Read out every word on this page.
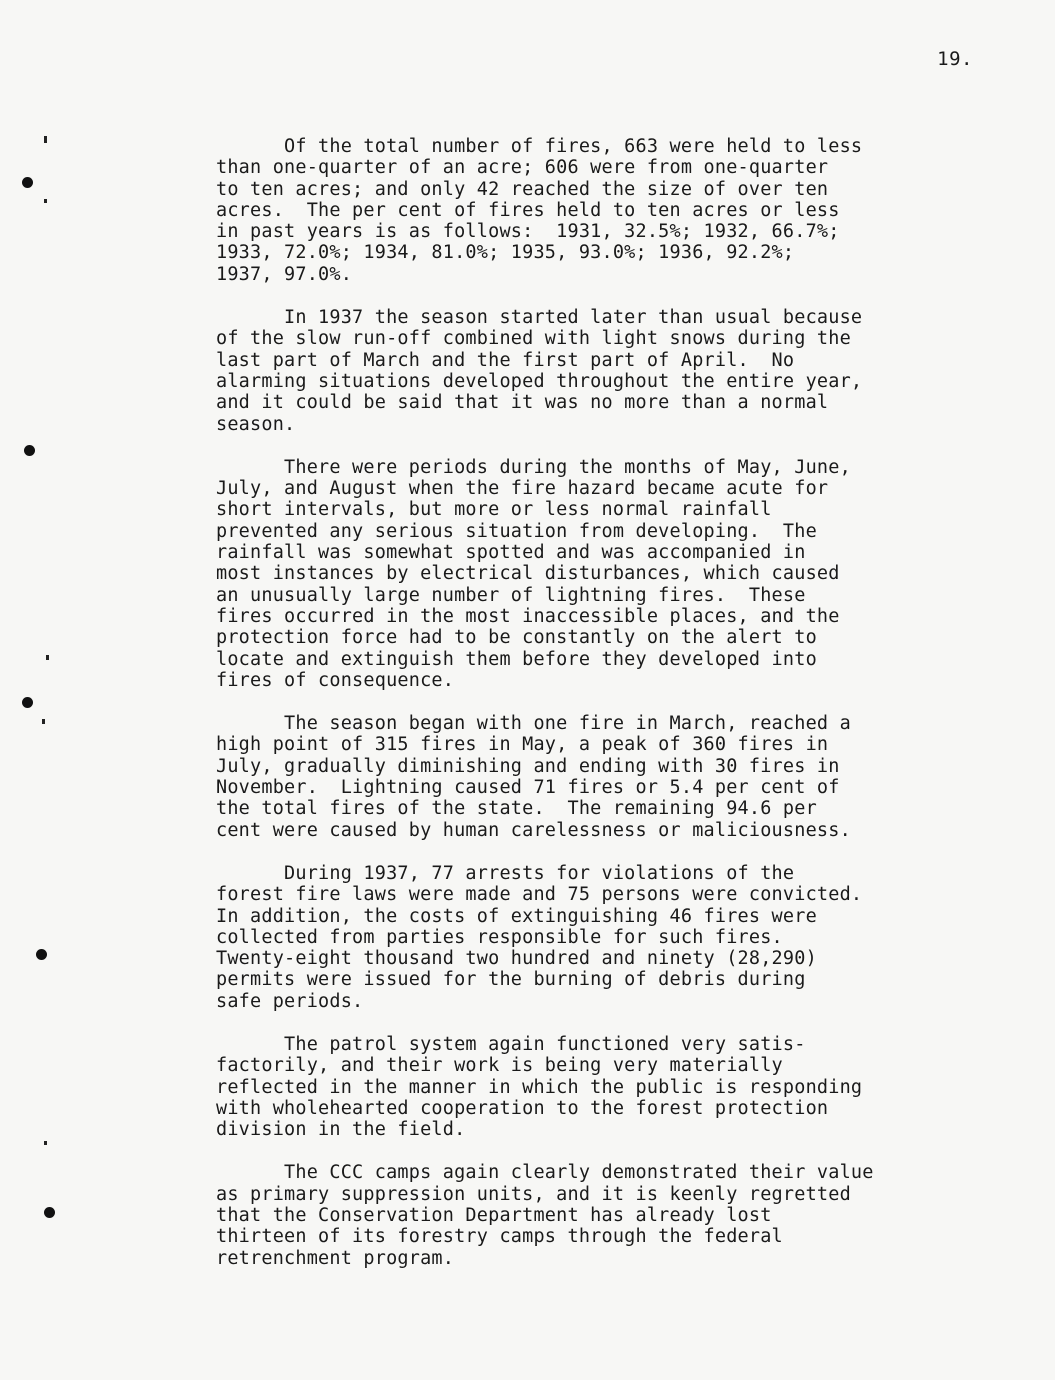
19.

Of the total number of fires, 663 were held to less
than one-quarter of an acre; 606 were from one-quarter
to ten acres; and only 42 reached the size of over ten
acres.  The per cent of fires held to ten acres or less
in past years is as follows:  1931, 32.5%; 1932, 66.7%;
1933, 72.0%; 1934, 81.0%; 1935, 93.0%; 1936, 92.2%;
1937, 97.0%.

In 1937 the season started later than usual because
of the slow run-off combined with light snows during the
last part of March and the first part of April.  No
alarming situations developed throughout the entire year,
and it could be said that it was no more than a normal
season.

There were periods during the months of May, June,
July, and August when the fire hazard became acute for
short intervals, but more or less normal rainfall
prevented any serious situation from developing.  The
rainfall was somewhat spotted and was accompanied in
most instances by electrical disturbances, which caused
an unusually large number of lightning fires.  These
fires occurred in the most inaccessible places, and the
protection force had to be constantly on the alert to
locate and extinguish them before they developed into
fires of consequence.

The season began with one fire in March, reached a
high point of 315 fires in May, a peak of 360 fires in
July, gradually diminishing and ending with 30 fires in
November.  Lightning caused 71 fires or 5.4 per cent of
the total fires of the state.  The remaining 94.6 per
cent were caused by human carelessness or maliciousness.

During 1937, 77 arrests for violations of the
forest fire laws were made and 75 persons were convicted.
In addition, the costs of extinguishing 46 fires were
collected from parties responsible for such fires.
Twenty-eight thousand two hundred and ninety (28,290)
permits were issued for the burning of debris during
safe periods.

The patrol system again functioned very satis-
factorily, and their work is being very materially
reflected in the manner in which the public is responding
with wholehearted cooperation to the forest protection
division in the field.

The CCC camps again clearly demonstrated their value
as primary suppression units, and it is keenly regretted
that the Conservation Department has already lost
thirteen of its forestry camps through the federal
retrenchment program.
